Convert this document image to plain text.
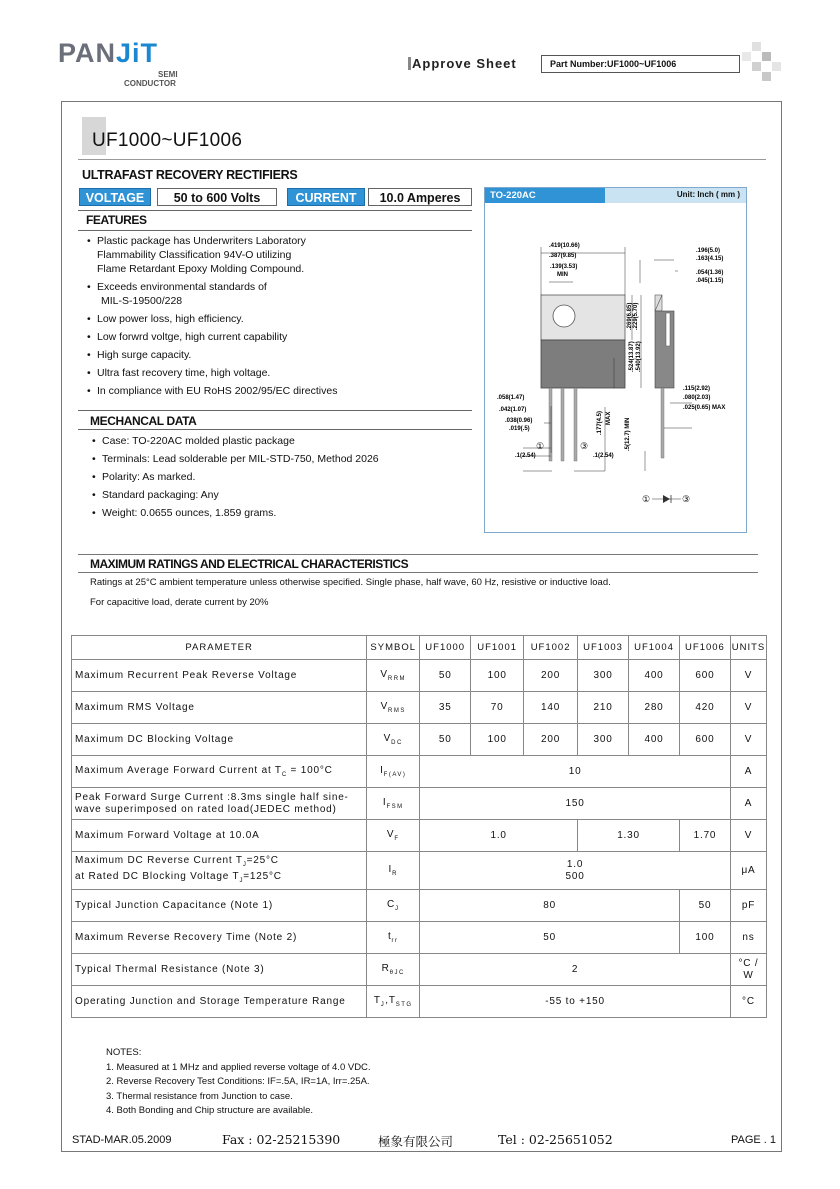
PANJiT
SEMI
CONDUCTOR
Approve Sheet	Part Number:UF1000~UF1006
UF1000~UF1006
ULTRAFAST RECOVERY RECTIFIERS
VOLTAGE	50 to 600 Volts	CURRENT	10.0 Amperes
FEATURES
• Plastic package has Underwriters Laboratory
Flammability Classification 94V-O utilizing
Flame Retardant Epoxy Molding Compound.
• Exceeds environmental standards of
MIL-S-19500/228
• Low power loss, high efficiency.
• Low forwrd voltge, high current capability
• High surge capacity.
• Ultra fast recovery time, high voltage.
• In compliance with EU RoHS 2002/95/EC directives
MECHANCAL DATA
• Case: TO-220AC molded plastic package
• Terminals: Lead solderable per MIL-STD-750, Method 2026
• Polarity: As marked.
• Standard packaging: Any
• Weight: 0.0655 ounces, 1.859 grams.
TO-220AC	Unit: Inch ( mm )
①	③
.419(10.66)
.387(9.85)
.139(3.53)
MIN
.269(6.85) .229(5.70)
.524(13.87) .540(13.92)
.196(5.0)
.163(4.15)
.054(1.36)
.045(1.15)
.058(1.47)
.042(1.07)
.038(0.96)
.019(.5)	.177(4.5) MAX .5(12.7) MIN
.115(2.92)
.080(2.03)
.025(0.65) MAX
.1(2.54)	.1(2.54)
①	③
MAXIMUM RATINGS AND ELECTRICAL CHARACTERISTICS
Ratings at 25°C ambient temperature unless otherwise specified. Single phase, half wave, 60 Hz, resistive or inductive load.
For capacitive load, derate current by 20%
PARAMETER	SYMBOL	UF1000	UF1001	UF1002	UF1003	UF1004	UF1006	UNITS
Maximum Recurrent Peak Reverse Voltage	$V_{RRM}$	50	100	200	300	400	600	V
Maximum RMS Voltage	$V_{RMS}$	35	70	140	210	280	420	V
Maximum DC Blocking Voltage	$V_{DC}$	50	100	200	300	400	600	V
Maximum Average Forward Current at $T_C = 100^\circ C$	$I_{F(AV)}$	10						A
Peak Forward Surge Current :8.3ms single half sine-
wave superimposed on rated load(JEDEC method)	$I_{FSM}$	150						A
Maximum Forward Voltage at 10.0A	$V_F$	1.0			1.30		1.70	V
Maximum DC Reverse Current $T_J=25^\circ C$
at Rated DC Blocking Voltage $T_J=125^\circ C$	$I_R$	1.0
500						μA
Typical Junction Capacitance (Note 1)	$C_J$	80					50	pF
Maximum Reverse Recovery Time (Note 2)	$t_{rr}$	50					100	ns
Typical Thermal Resistance (Note 3)	$R_{\theta JC}$	2						°C /
W
Operating Junction and Storage Temperature Range	$T_J,T_{STG}$	-55 to +150						°C
NOTES:
1. Measured at 1 MHz and applied reverse voltage of 4.0 VDC.
2. Reverse Recovery Test Conditions: IF=.5A, IR=1A, Irr=.25A.
3. Thermal resistance from Junction to case.
4. Both Bonding and Chip structure are available.
STAD-MAR.05.2009	Fax : 02-25215390	極象有限公司	Tel : 02-25651052	PAGE . 1
